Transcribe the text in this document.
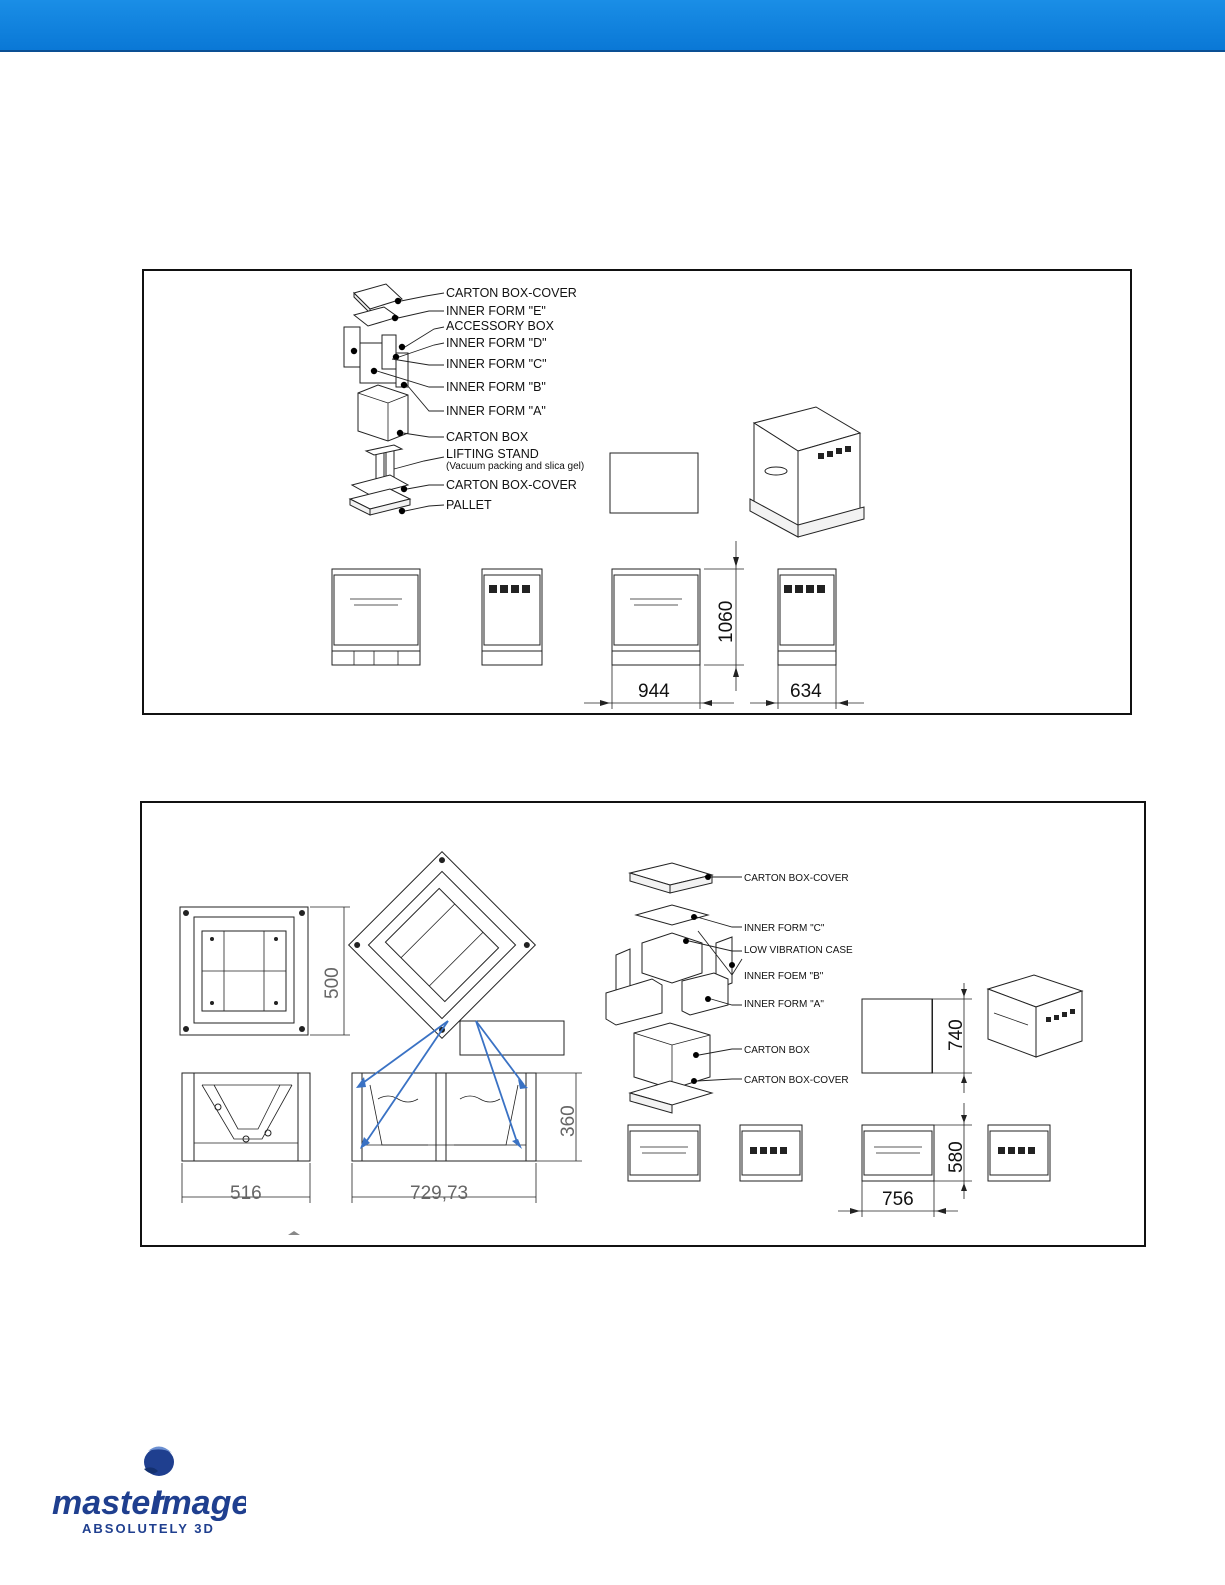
CARTON BOX-COVER
INNER FORM "E"
ACCESSORY BOX
INNER FORM "D"
INNER FORM "C"
INNER FORM "B"
INNER FORM "A"
CARTON BOX
LIFTING STAND
(Vacuum packing and slica gel)
CARTON BOX-COVER
PALLET
1060
944	634
500
516
360
729,73
CARTON BOX-COVER
INNER FORM "C"
LOW VIBRATION CASE
INNER FOEM "B"
INNER FORM "A"
CARTON BOX
CARTON BOX-COVER
740
580
756
master
Image
ABSOLUTELY 3D
